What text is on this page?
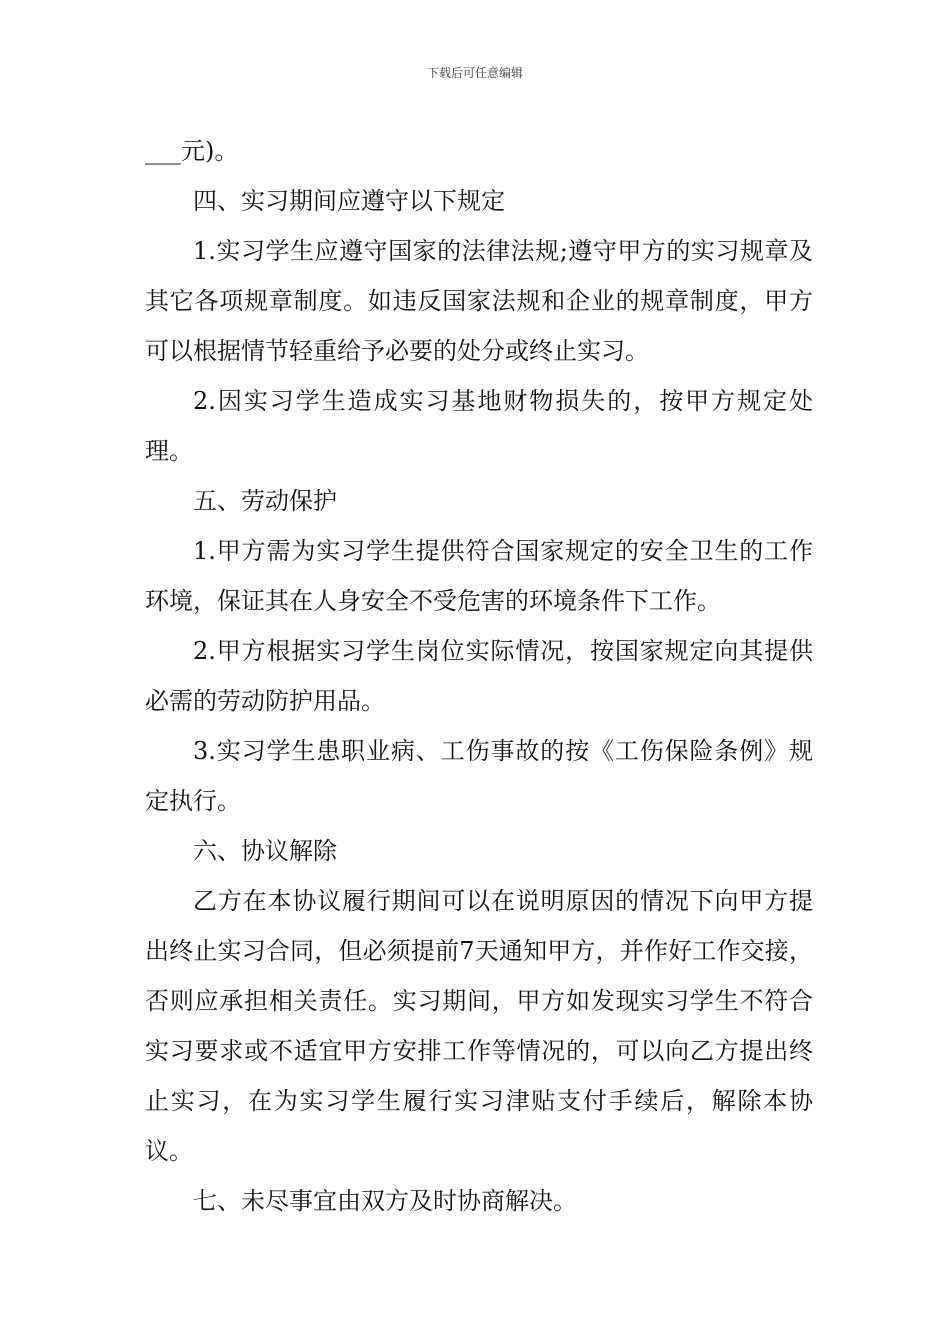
下载后可任意编辑

___元)。

四、实习期间应遵守以下规定

1.实习学生应遵守国家的法律法规;遵守甲方的实习规章及其它各项规章制度。如违反国家法规和企业的规章制度，甲方可以根据情节轻重给予必要的处分或终止实习。

2.因实习学生造成实习基地财物损失的，按甲方规定处理。

五、劳动保护

1.甲方需为实习学生提供符合国家规定的安全卫生的工作环境，保证其在人身安全不受危害的环境条件下工作。

2.甲方根据实习学生岗位实际情况，按国家规定向其提供必需的劳动防护用品。

3.实习学生患职业病、工伤事故的按《工伤保险条例》规定执行。

六、协议解除

乙方在本协议履行期间可以在说明原因的情况下向甲方提出终止实习合同，但必须提前7天通知甲方，并作好工作交接，否则应承担相关责任。实习期间，甲方如发现实习学生不符合实习要求或不适宜甲方安排工作等情况的，可以向乙方提出终止实习，在为实习学生履行实习津贴支付手续后，解除本协议。

七、未尽事宜由双方及时协商解决。
